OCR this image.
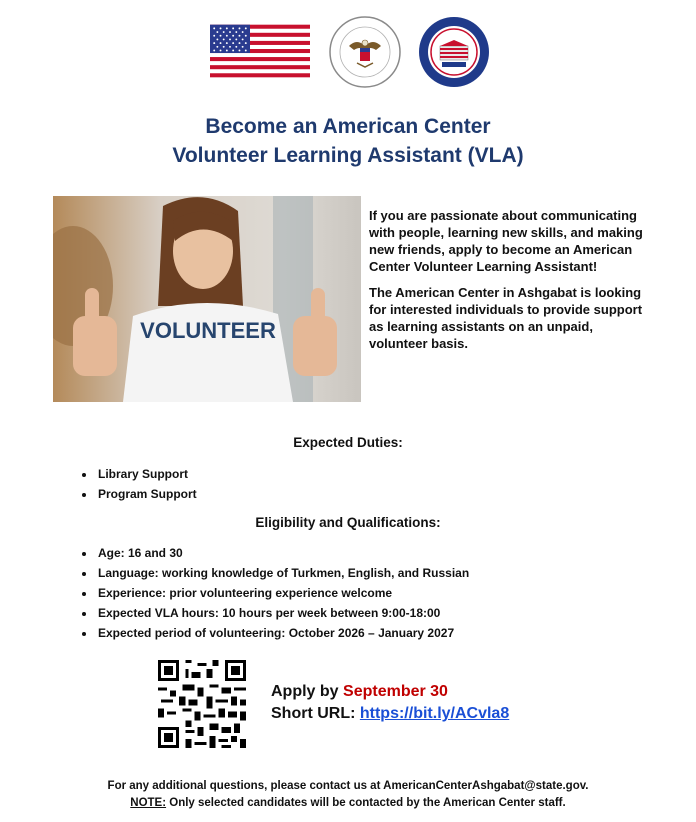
Become an American Center
Volunteer Learning Assistant (VLA)
VOLUNTEER

If you are passionate about communicating with people, learning new skills, and making new friends, apply to become an American Center Volunteer Learning Assistant!

The American Center in Ashgabat is looking for interested individuals to provide support as learning assistants on an unpaid, volunteer basis.

Expected Duties:
• Library Support
• Program Support
Eligibility and Qualifications:
• Age: 16 and 30
• Language: working knowledge of Turkmen, English, and Russian
• Experience: prior volunteering experience welcome
• Expected VLA hours: 10 hours per week between 9:00-18:00
• Expected period of volunteering: October 2026 – January 2027
Apply by September 30
Short URL: https://bit.ly/ACvla8
For any additional questions, please contact us at AmericanCenterAshgabat@state.gov.
NOTE: Only selected candidates will be contacted by the American Center staff.
